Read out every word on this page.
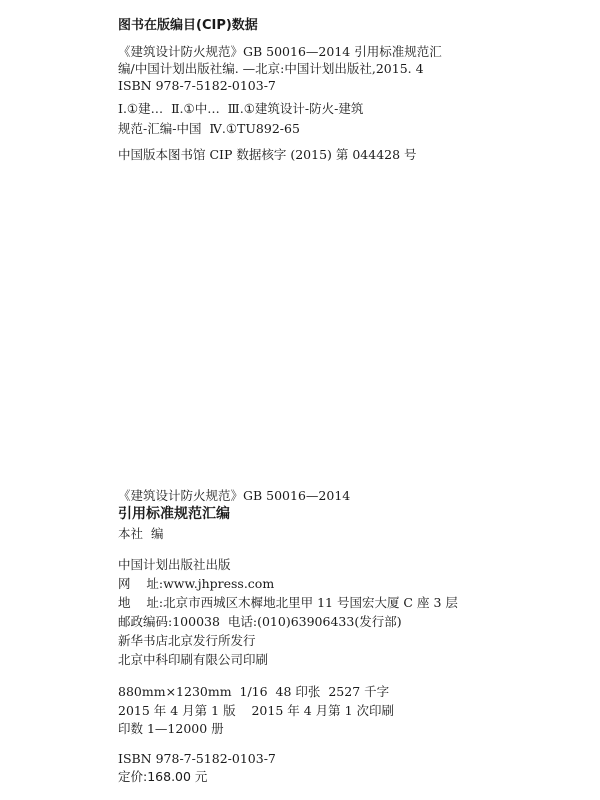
图书在版编目(CIP)数据
《建筑设计防火规范》GB 50016—2014 引用标准规范汇
编/中国计划出版社编. —北京:中国计划出版社,2015. 4
ISBN 978-7-5182-0103-7
Ⅰ.①建…  Ⅱ.①中…  Ⅲ.①建筑设计-防火-建筑
规范-汇编-中国  Ⅳ.①TU892-65
中国版本图书馆 CIP 数据核字 (2015) 第 044428 号
《建筑设计防火规范》GB 50016—2014
引用标准规范汇编
本社  编
中国计划出版社出版
网    址:www.jhpress.com
地    址:北京市西城区木樨地北里甲 11 号国宏大厦 C 座 3 层
邮政编码:100038  电话:(010)63906433(发行部)
新华书店北京发行所发行
北京中科印刷有限公司印刷
880mm×1230mm  1/16  48 印张  2527 千字
2015 年 4 月第 1 版    2015 年 4 月第 1 次印刷
印数 1—12000 册
ISBN 978-7-5182-0103-7
定价:168.00 元
